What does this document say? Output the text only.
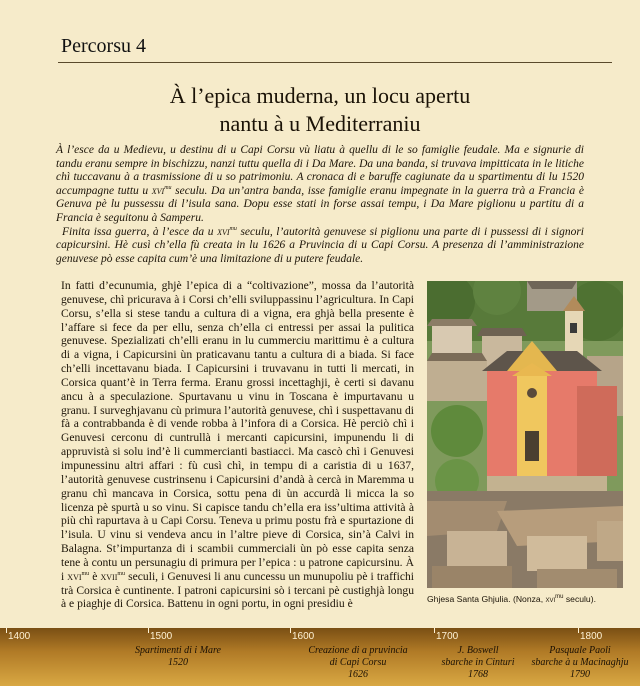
Percorsu 4
À l’epica muderna, un locu apertu
nantu à u Mediterraniu

À l’esce da u Medievu, u destinu di u Capi Corsu vù liatu à quellu di le so famiglie feudale. Ma e signurie di tandu eranu sempre in bischizzu, nanzi tuttu quella di i Da Mare. Da una banda, si truvava impitticata in le litiche chì tuccavanu à a trasmissione di u so patrimoniu. A cronaca di e baruffe cagiunate da u spartimentu di lu 1520 accumpagne tuttu u xvi$^{mu}$ seculu. Da un’antra banda, isse famiglie eranu impegnate in la guerra trà a Francia è Genuva pè lu pussessu di l’isula sana. Dopu esse stati in forse assai tempu, i Da Mare piglionu u partitu di a Francia è seguitonu à Samperu.

Finita issa guerra, à l’esce da u xvi$^{mu}$ seculu, l’autorità genuvese si piglionu una parte di i pussessi di i signori capicursini. Hè cusì ch’ella fù creata in lu 1626 a Pruvincia di u Capi Corsu. A presenza di l’amministrazione genuvese pò esse capita cum’è una limitazione di u putere feudale.

In fatti d’ecunumia, ghjè l’epica di a “coltivazione”, mossa da l’autorità genuvese, chì pricurava à i Corsi ch’elli sviluppassinu l’agricultura. In Capi Corsu, s’ella si stese tandu a cultura di a vigna, era ghjà bella presente è l’affare si fece da per ellu, senza ch’ella ci entressi per assai la pulitica genuvese. Spezializati ch’elli eranu in lu cummerciu marittimu è a cultura di a vigna, i Capicursini ùn praticavanu tantu a cultura di a biada. Si face ch’elli incettavanu biada. I Capicursini i truvavanu in tutti li mercati, in Corsica quant’è in Terra ferma. Eranu grossi incettaghji, è certi si davanu ancu à a speculazione. Spurtavanu u vinu in Toscana è impurtavanu u granu. I surveghjavanu cù primura l’autorità genuvese, chì i suspettavanu di fà a contrabbanda è di vende robba à l’infora di a Corsica. Hè perciò chì i Genuvesi cerconu di cuntrullà i mercanti capicursini, impunendu li di appruvistà si solu ind’è li cummercianti bastiacci. Ma cascò chì i Genuvesi impunessinu altri affari : fù cusì chì, in tempu di a caristia di u 1637, l’autorità genuvese custrinsenu i Capicursini d’andà à cercà in Maremma u granu chì mancava in Corsica, sottu pena di ùn accurdà li micca la so licenza pè spurtà u so vinu. Si capisce tandu ch’ella era iss’ultima attività à più chì rapurtava à u Capi Corsu. Teneva u primu postu frà e spurtazione di l’isula. U vinu si vendeva ancu in l’altre pieve di Corsica, sin’à Calvi in Balagna. St’impurtanza di i scambii cummerciali ùn pò esse capita senza tene à contu un persunagiu di primura per l’epica : u patrone capicursinu. À i xvi$^{mu}$ è xvii$^{mu}$ seculi, i Genuvesi li anu cuncessu un munupoliu pè i traffichi trà Corsica è cuntinente. I patroni capicursini sò i tercani pè custighjà longu à e piaghje di Corsica. Battenu in ogni portu, in ogni presidiu è	Ghjesa Santa Ghjulia. (Nonza, xvi$^{mu}$ seculu).
1400	1500	1600	1700	1800
Spartimenti di i Mare
1520
Creazione di a pruvincia
di Capi Corsu
1626
J. Boswell
sbarche in Cinturi
1768
Pasquale Paoli
sbarche à u Macinaghju
1790
